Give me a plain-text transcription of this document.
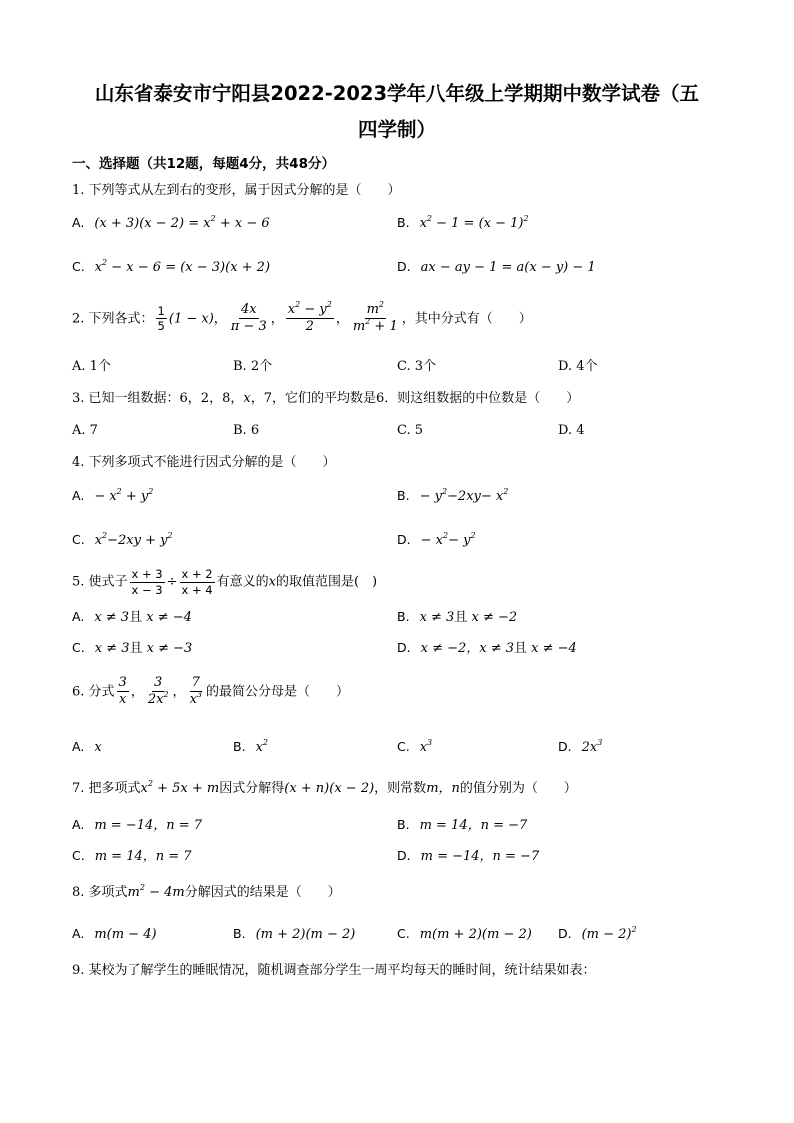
山东省泰安市宁阳县2022-2023学年八年级上学期期中数学试卷（五
四学制）
一、选择题（共12题，每题4分，共48分）
1. 下列等式从左到右的变形，属于因式分解的是（　　）
A. $(x + 3)(x - 2) = x^2 + x - 6$	B. $x^2 - 1 = (x - 1)^2$
C. $x^2 - x - 6 = (x - 3)(x + 2)$	D. ax − ay − 1 = a(x − y) − 1
2. 下列各式： $\frac{1}{5} (1 - x)$， $\frac{4x}{\pi - 3}$ ， $\frac{x^2 - y^2}{2}$ ， $\frac{m^2}{m^2 + 1}$ ，其中分式有（　　）
A. 1个	B. 2个	C. 3个	D. 4个
3. 已知一组数据：6，2，8，x，7，它们的平均数是6．则这组数据的中位数是（　　）
A. 7	B. 6	C. 5	D. 4
4. 下列多项式不能进行因式分解的是（　　）
A. − $x^2 + y^2$	B. − $y^2-2xy- x^2$
C. $x^2-2xy + y^2$	D. − $x^2- y^2$
5. 使式子 $\frac{x + 3}{x - 3} \div \frac{x + 2}{x + 4}$ 有意义的x的取值范围是(　)
A. x ≠ 3且 x ≠ −4	B. x ≠ 3且 x ≠ −2
C. x ≠ 3且 x ≠ −3	D. x ≠ −2，x ≠ 3且 x ≠ −4
6. 分式 $\frac{3}{x}$ ， $\frac{3}{2x^2}$ ， $\frac{7}{x^3}$ 的最简公分母是（　　）
A. x	B. $x^2$	C. $x^3$	D. $2x^3$
7. 把多项式$x^2 + 5x + m$因式分解得(x + n)(x − 2)，则常数m，n的值分别为（　　）
A. m = −14，n = 7	B. m = 14，n = −7
C. m = 14，n = 7	D. m = −14，n = −7
8. 多项式$m^2 - 4m$分解因式的结果是（　　）
A. m(m − 4)	B. (m + 2)(m − 2)	C. m(m + 2)(m − 2) D. $(m - 2)^2$
9. 某校为了解学生的睡眠情况，随机调查部分学生一周平均每天的睡时间，统计结果如表：
